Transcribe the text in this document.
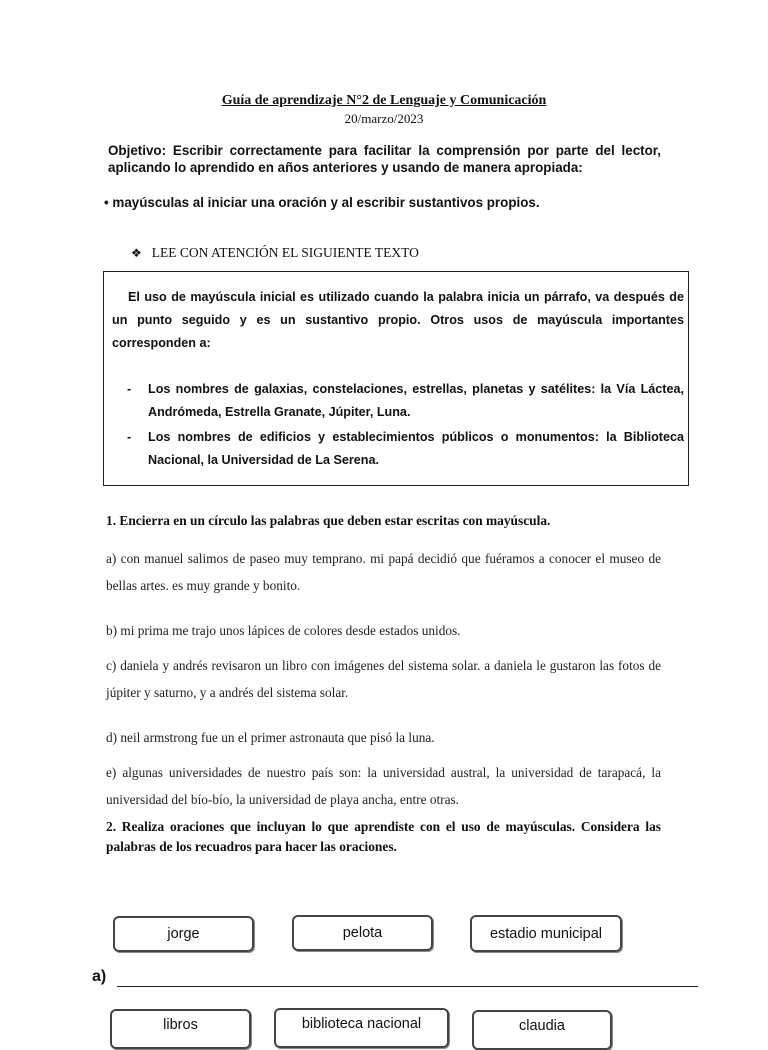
Guía de aprendizaje N°2 de Lenguaje y Comunicación
20/marzo/2023
Objetivo: Escribir correctamente para facilitar la comprensión por parte del lector, aplicando lo aprendido en años anteriores y usando de manera apropiada:
• mayúsculas al iniciar una oración y al escribir sustantivos propios.
❖ LEE CON ATENCIÓN EL SIGUIENTE TEXTO
El uso de mayúscula inicial es utilizado cuando la palabra inicia un párrafo, va después de un punto seguido y es un sustantivo propio. Otros usos de mayúscula importantes corresponden a:
- Los nombres de galaxias, constelaciones, estrellas, planetas y satélites: la Vía Láctea, Andrómeda, Estrella Granate, Júpiter, Luna.
- Los nombres de edificios y establecimientos públicos o monumentos: la Biblioteca Nacional, la Universidad de La Serena.
1. Encierra en un círculo las palabras que deben estar escritas con mayúscula.
a) con manuel salimos de paseo muy temprano. mi papá decidió que fuéramos a conocer el museo de bellas artes. es muy grande y bonito.
b) mi prima me trajo unos lápices de colores desde estados unidos.
c) daniela y andrés revisaron un libro con imágenes del sistema solar. a daniela le gustaron las fotos de júpiter y saturno, y a andrés del sistema solar.
d) neil armstrong fue un el primer astronauta que pisó la luna.
e) algunas universidades de nuestro país son: la universidad austral, la universidad de tarapacá, la universidad del bío-bío, la universidad de playa ancha, entre otras.
2. Realiza oraciones que incluyan lo que aprendiste con el uso de mayúsculas. Considera las palabras de los recuadros para hacer las oraciones.
jorge	pelota	estadio municipal
a)
libros	biblioteca nacional	claudia
